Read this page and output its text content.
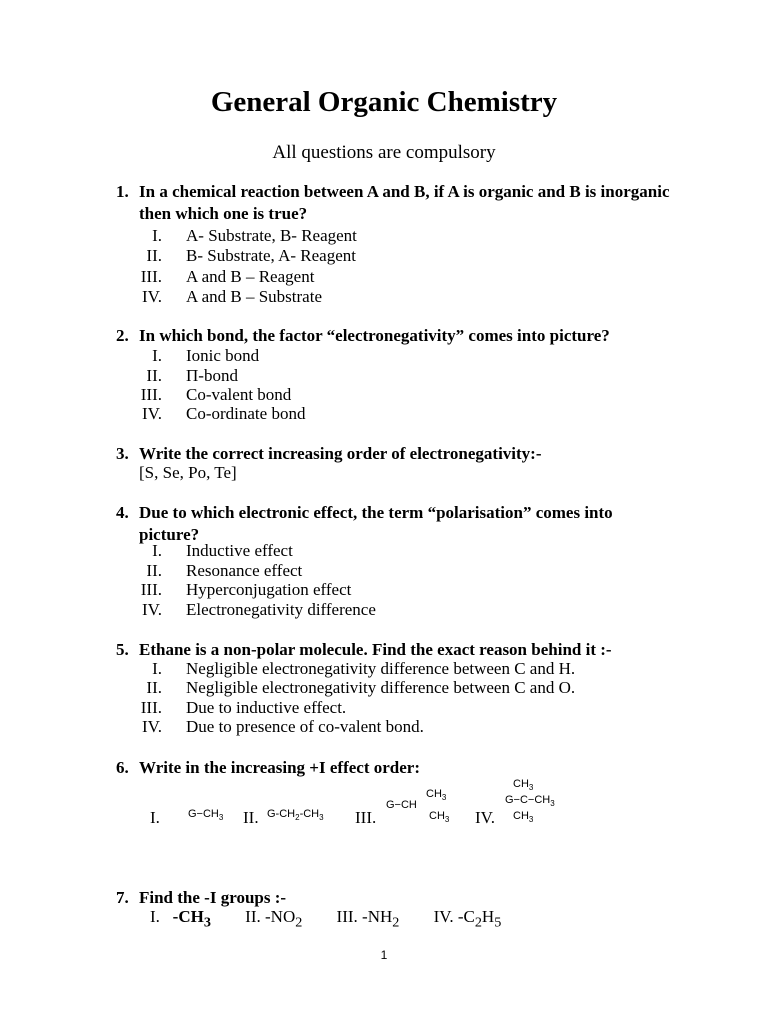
General Organic Chemistry
All questions are compulsory
1. In a chemical reaction between A and B, if A is organic and B is inorganic then which one is true?
I. A- Substrate, B- Reagent
II. B- Substrate, A- Reagent
III. A and B – Reagent
IV. A and B – Substrate
2. In which bond, the factor “electronegativity” comes into picture?
I. Ionic bond
II. Π-bond
III. Co-valent bond
IV. Co-ordinate bond
3. Write the correct increasing order of electronegativity:-
[S, Se, Po, Te]
4. Due to which electronic effect, the term “polarisation” comes into picture?
I. Inductive effect
II. Resonance effect
III. Hyperconjugation effect
IV. Electronegativity difference
5. Ethane is a non-polar molecule. Find the exact reason behind it :-
I. Negligible electronegativity difference between C and H.
II. Negligible electronegativity difference between C and O.
III. Due to inductive effect.
IV. Due to presence of co-valent bond.
6. Write in the increasing +I effect order:
I.	$G-CH_3$ II. $G-CH_2-CH_3$ III.
$CH_3$
G−CH
$CH_3$ IV.
$CH_3$
$G-C-CH_3$
$CH_3$
7. Find the -I groups :-
I. $-CH_3$ II. $-NO_2$ III. $-NH_2$ IV. $-C_2H_5$
1
